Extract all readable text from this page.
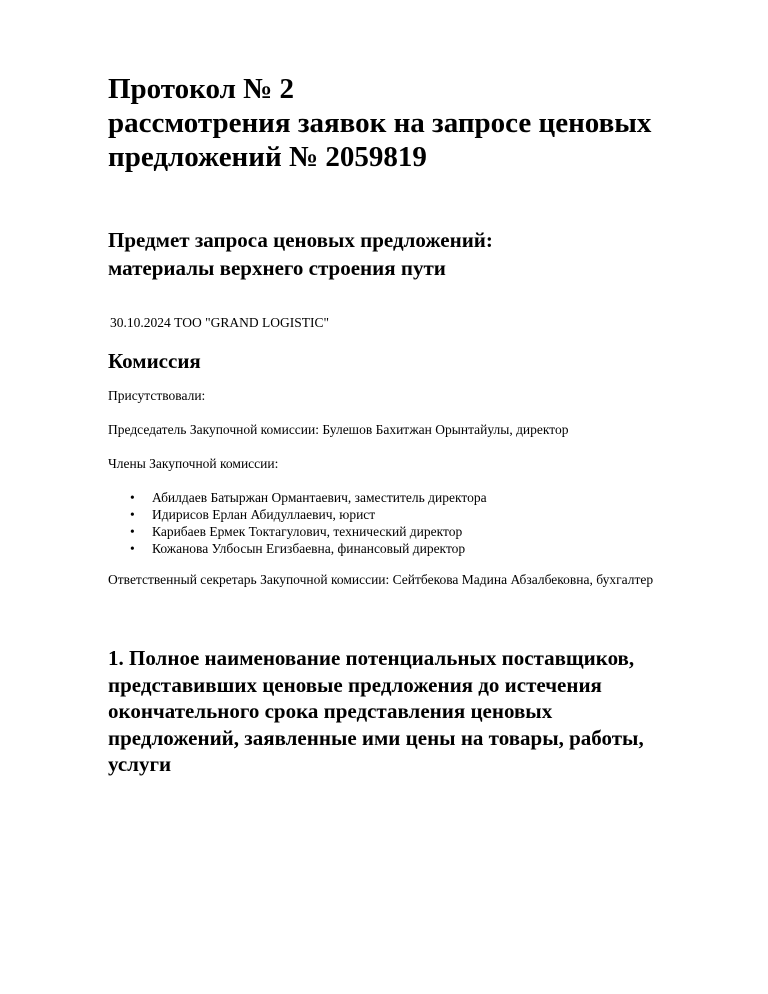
Протокол № 2
рассмотрения заявок на запросе ценовых
предложений № 2059819
Предмет запроса ценовых предложений:
материалы верхнего строения пути

30.10.2024 ТОО "GRAND LOGISTIC"

Комиссия

Присутствовали:

Председатель Закупочной комиссии: Булешов Бахитжан Орынтайулы, директор

Члены Закупочной комиссии:

• Абилдаев Батыржан Ормантаевич, заместитель директора
• Идирисов Ерлан Абидуллаевич, юрист
• Карибаев Ермек Токтагулович, технический директор
• Кожанова Улбосын Егизбаевна, финансовый директор

Ответственный секретарь Закупочной комиссии: Сейтбекова Мадина Абзалбековна, бухгалтер

1. Полное наименование потенциальных поставщиков, представивших ценовые предложения до истечения окончательного срока представления ценовых предложений, заявленные ими цены на товары, работы, услуги
